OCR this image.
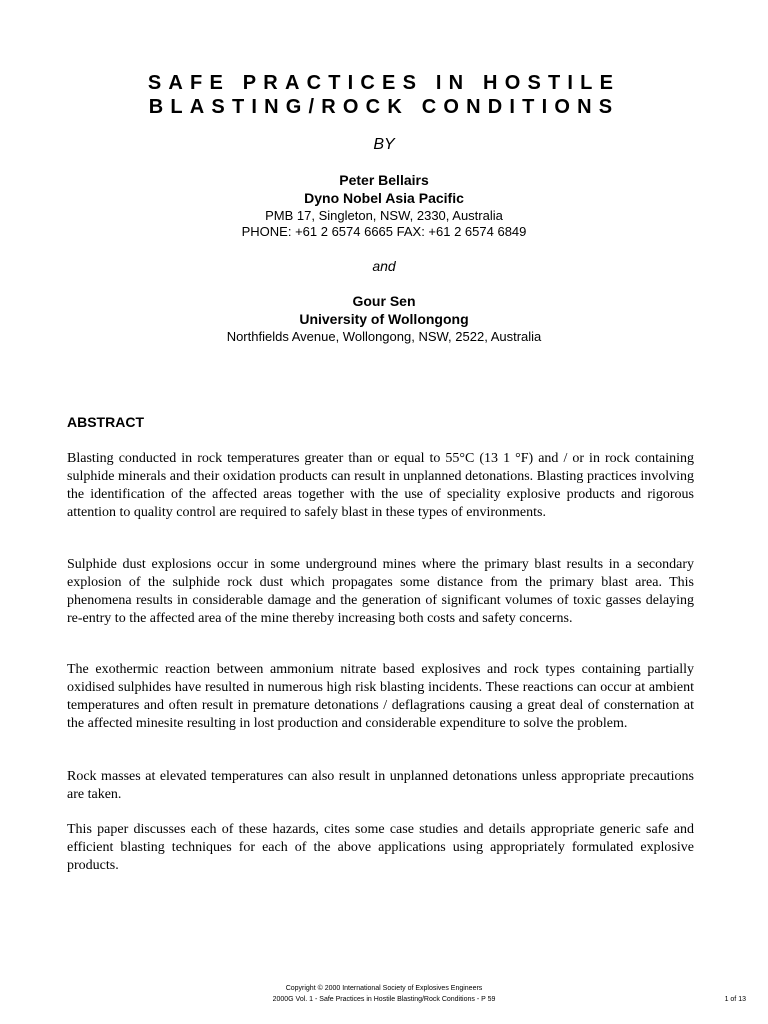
SAFE PRACTICES IN HOSTILE
BLASTING/ROCK CONDITIONS
BY
Peter Bellairs
Dyno Nobel Asia Pacific
PMB 17, Singleton, NSW, 2330, Australia
PHONE: +61 2 6574 6665 FAX: +61 2 6574 6849
and
Gour Sen
University of Wollongong
Northfields Avenue, Wollongong, NSW, 2522, Australia
ABSTRACT
Blasting conducted in rock temperatures greater than or equal to 55°C (13 1 °F) and / or in rock containing sulphide minerals and their oxidation products can result in unplanned detonations. Blasting practices involving the identification of the affected areas together with the use of speciality explosive products and rigorous attention to quality control are required to safely blast in these types of environments.
Sulphide dust explosions occur in some underground mines where the primary blast results in a secondary explosion of the sulphide rock dust which propagates some distance from the primary blast area. This phenomena results in considerable damage and the generation of significant volumes of toxic gasses delaying re-entry to the affected area of the mine thereby increasing both costs and safety concerns.
The exothermic reaction between ammonium nitrate based explosives and rock types containing partially oxidised sulphides have resulted in numerous high risk blasting incidents. These reactions can occur at ambient temperatures and often result in premature detonations / deflagrations causing a great deal of consternation at the affected minesite resulting in lost production and considerable expenditure to solve the problem.
Rock masses at elevated temperatures can also result in unplanned detonations unless appropriate precautions are taken.
This paper discusses each of these hazards, cites some case studies and details appropriate generic safe and efficient blasting techniques for each of the above applications using appropriately formulated explosive products.
Copyright © 2000 International Society of Explosives Engineers
2000G Vol. 1 - Safe Practices in Hostile Blasting/Rock Conditions - P 59	1 of 13
